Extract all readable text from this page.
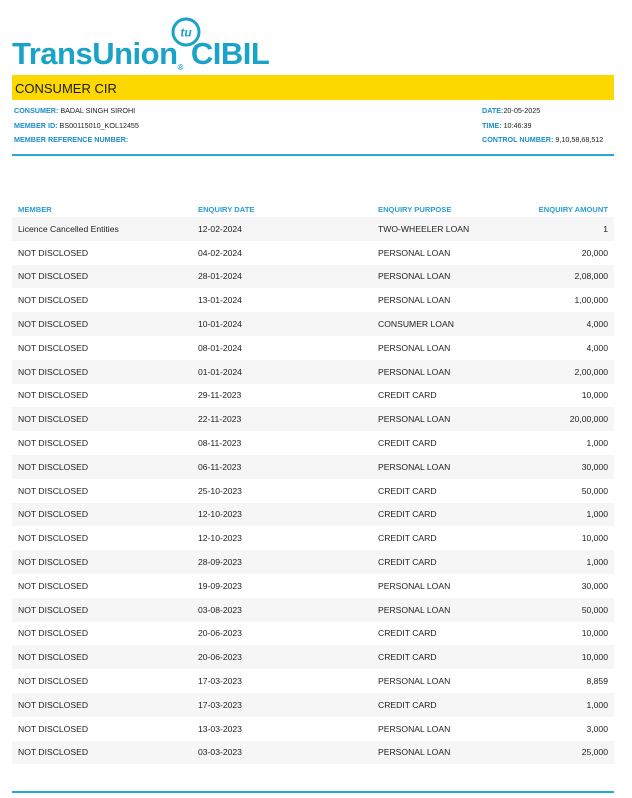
TransUnion® CIBIL
tu
CONSUMER CIR
CONSUMER: BADAL SINGH SIROHI
MEMBER ID: BS00115010_KOL12455
MEMBER REFERENCE NUMBER:
DATE:20-05-2025
TIME: 10:46:39
CONTROL NUMBER: 9,10,58,68,512
MEMBER	ENQUIRY DATE	ENQUIRY PURPOSE	ENQUIRY AMOUNT
Licence Cancelled Entities	12-02-2024	TWO-WHEELER LOAN	1
NOT DISCLOSED	04-02-2024	PERSONAL LOAN	20,000
NOT DISCLOSED	28-01-2024	PERSONAL LOAN	2,08,000
NOT DISCLOSED	13-01-2024	PERSONAL LOAN	1,00,000
NOT DISCLOSED	10-01-2024	CONSUMER LOAN	4,000
NOT DISCLOSED	08-01-2024	PERSONAL LOAN	4,000
NOT DISCLOSED	01-01-2024	PERSONAL LOAN	2,00,000
NOT DISCLOSED	29-11-2023	CREDIT CARD	10,000
NOT DISCLOSED	22-11-2023	PERSONAL LOAN	20,00,000
NOT DISCLOSED	08-11-2023	CREDIT CARD	1,000
NOT DISCLOSED	06-11-2023	PERSONAL LOAN	30,000
NOT DISCLOSED	25-10-2023	CREDIT CARD	50,000
NOT DISCLOSED	12-10-2023	CREDIT CARD	1,000
NOT DISCLOSED	12-10-2023	CREDIT CARD	10,000
NOT DISCLOSED	28-09-2023	CREDIT CARD	1,000
NOT DISCLOSED	19-09-2023	PERSONAL LOAN	30,000
NOT DISCLOSED	03-08-2023	PERSONAL LOAN	50,000
NOT DISCLOSED	20-06-2023	CREDIT CARD	10,000
NOT DISCLOSED	20-06-2023	CREDIT CARD	10,000
NOT DISCLOSED	17-03-2023	PERSONAL LOAN	8,859
NOT DISCLOSED	17-03-2023	CREDIT CARD	1,000
NOT DISCLOSED	13-03-2023	PERSONAL LOAN	3,000
NOT DISCLOSED	03-03-2023	PERSONAL LOAN	25,000
